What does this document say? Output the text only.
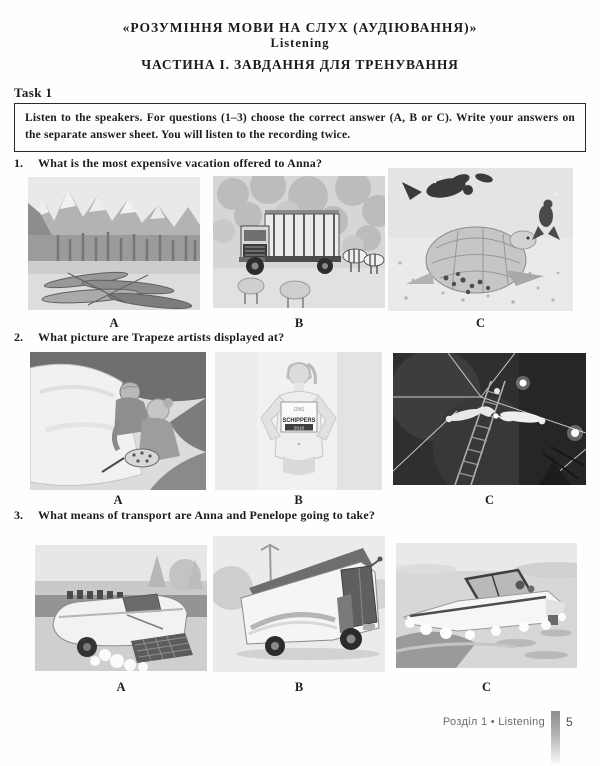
«РОЗУМІННЯ МОВИ НА СЛУХ (АУДІЮВАННЯ)»
Listening
ЧАСТИНА I. ЗАВДАННЯ ДЛЯ ТРЕНУВАННЯ
Task 1
Listen to the speakers. For questions (1–3) choose the correct answer (A, B or C). Write your answers on the separate answer sheet. You will listen to the recording twice.
1. What is the most expensive vacation offered to Anna?
A	B	C
2. What picture are Trapeze artists displayed at?
ONS
SCHIPPERS
2010
A	B	C
3. What means of transport are Anna and Penelope going to take?
A	B	C
Розділ 1 • Listening 5
